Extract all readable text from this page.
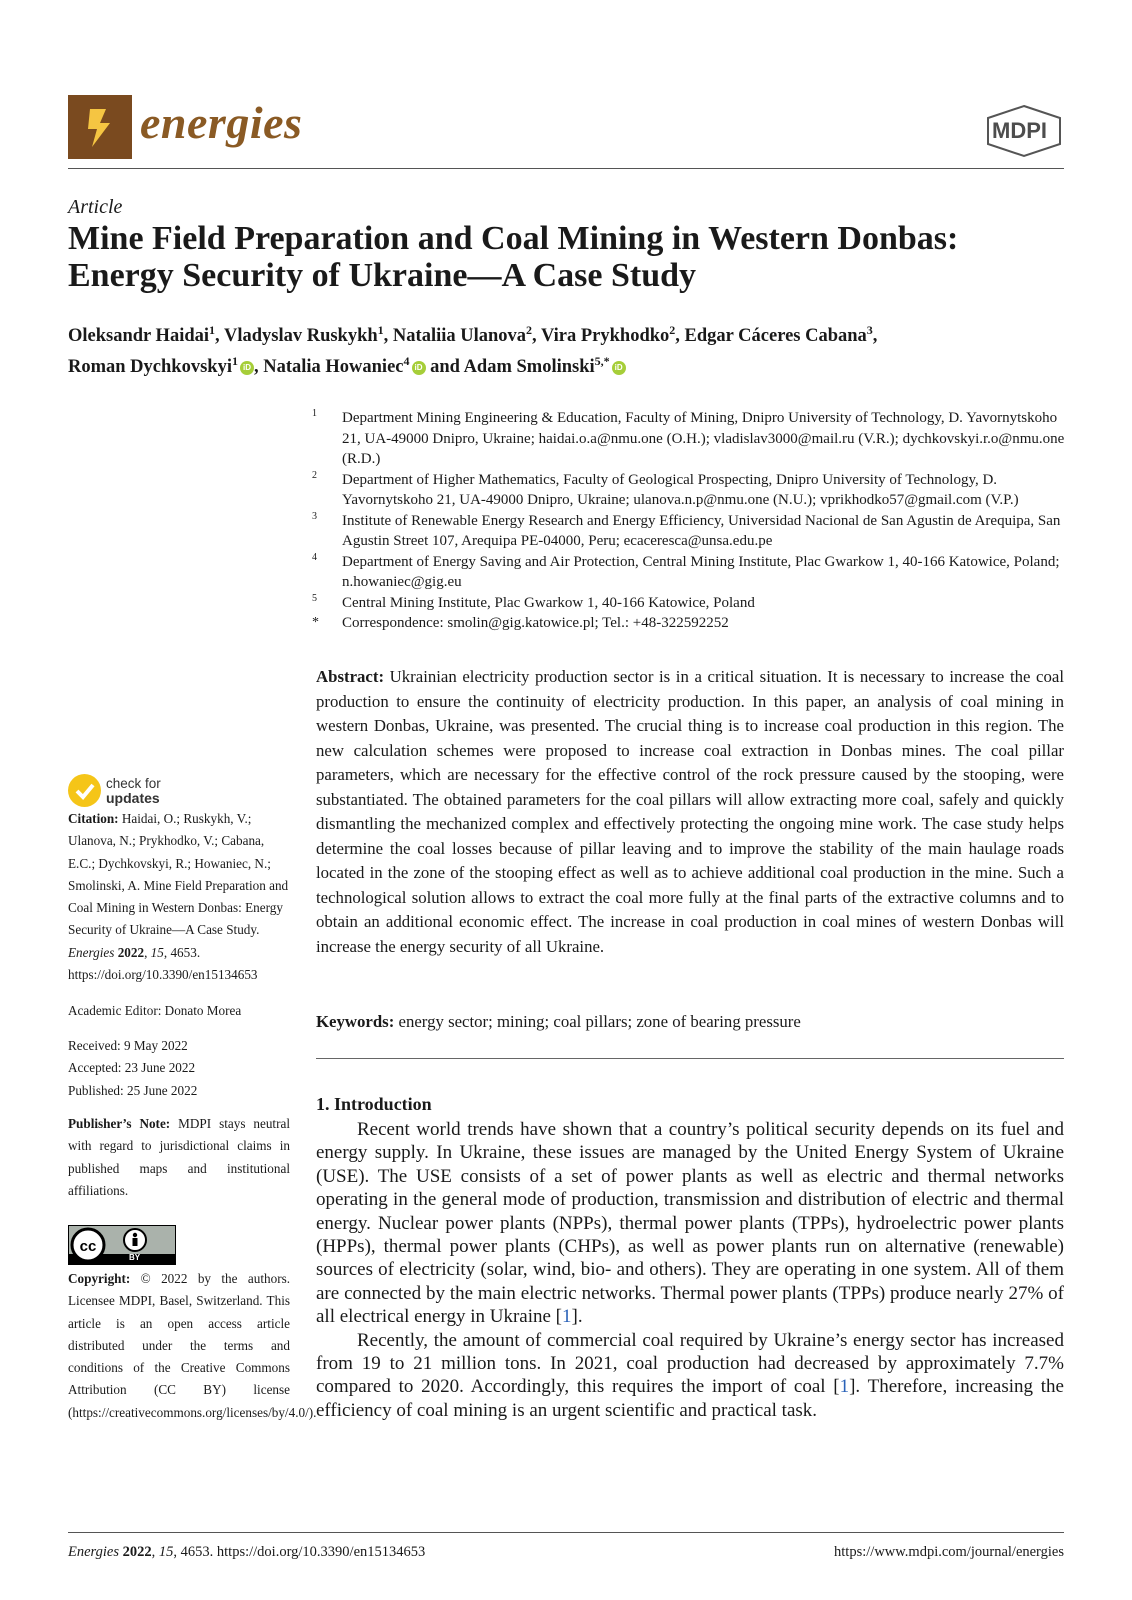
energies	MDPI
Article
Mine Field Preparation and Coal Mining in Western Donbas: Energy Security of Ukraine—A Case Study
Oleksandr Haidai$^1$, Vladyslav Ruskykh$^1$, Nataliia Ulanova$^2$, Vira Prykhodko$^2$, Edgar Cáceres Cabana$^3$,
Roman Dychkovskyi$^1$ iD , Natalia Howaniec$^4$ iD and Adam Smolinski$^{5,*}$ iD

1 Department Mining Engineering & Education, Faculty of Mining, Dnipro University of Technology, D. Yavornytskoho 21, UA-49000 Dnipro, Ukraine; haidai.o.a@nmu.one (O.H.); vladislav3000@mail.ru (V.R.); dychkovskyi.r.o@nmu.one (R.D.)

2 Department of Higher Mathematics, Faculty of Geological Prospecting, Dnipro University of Technology, D. Yavornytskoho 21, UA-49000 Dnipro, Ukraine; ulanova.n.p@nmu.one (N.U.); vprikhodko57@gmail.com (V.P.)

3 Institute of Renewable Energy Research and Energy Efficiency, Universidad Nacional de San Agustin de Arequipa, San Agustin Street 107, Arequipa PE-04000, Peru; ecaceresca@unsa.edu.pe

4 Department of Energy Saving and Air Protection, Central Mining Institute, Plac Gwarkow 1, 40-166 Katowice, Poland; n.howaniec@gig.eu

5 Central Mining Institute, Plac Gwarkow 1, 40-166 Katowice, Poland

* Correspondence: smolin@gig.katowice.pl; Tel.: +48-322592252

Abstract: Ukrainian electricity production sector is in a critical situation. It is necessary to increase the coal production to ensure the continuity of electricity production. In this paper, an analysis of coal mining in western Donbas, Ukraine, was presented. The crucial thing is to increase coal production in this region. The new calculation schemes were proposed to increase coal extraction in Donbas mines. The coal pillar parameters, which are necessary for the effective control of the rock pressure caused by the stooping, were substantiated. The obtained parameters for the coal pillars will allow extracting more coal, safely and quickly dismantling the mechanized complex and effectively protecting the ongoing mine work. The case study helps determine the coal losses because of pillar leaving and to improve the stability of the main haulage roads located in the zone of the stooping effect as well as to achieve additional coal production in the mine. Such a technological solution allows to extract the coal more fully at the final parts of the extractive columns and to obtain an additional economic effect. The increase in coal production in coal mines of western Donbas will increase the energy security of all Ukraine.
Keywords: energy sector; mining; coal pillars; zone of bearing pressure
1. Introduction

Recent world trends have shown that a country’s political security depends on its fuel and energy supply. In Ukraine, these issues are managed by the United Energy System of Ukraine (USE). The USE consists of a set of power plants as well as electric and thermal networks operating in the general mode of production, transmission and distribution of electric and thermal energy. Nuclear power plants (NPPs), thermal power plants (TPPs), hydroelectric power plants (HPPs), thermal power plants (CHPs), as well as power plants run on alternative (renewable) sources of electricity (solar, wind, bio- and others). They are operating in one system. All of them are connected by the main electric networks. Thermal power plants (TPPs) produce nearly 27% of all electrical energy in Ukraine [1].

Recently, the amount of commercial coal required by Ukraine’s energy sector has increased from 19 to 21 million tons. In 2021, coal production had decreased by approximately 7.7% compared to 2020. Accordingly, this requires the import of coal [1]. Therefore, increasing the efficiency of coal mining is an urgent scientific and practical task.

check for
updates
Citation: Haidai, O.; Ruskykh, V.; Ulanova, N.; Prykhodko, V.; Cabana, E.C.; Dychkovskyi, R.; Howaniec, N.; Smolinski, A. Mine Field Preparation and Coal Mining in Western Donbas: Energy Security of Ukraine—A Case Study. Energies 2022, 15, 4653. https://doi.org/10.3390/en15134653
Academic Editor: Donato Morea

Received: 9 May 2022

Accepted: 23 June 2022

Published: 25 June 2022

Publisher’s Note: MDPI stays neutral with regard to jurisdictional claims in published maps and institutional affiliations.
cc
BY
Copyright: © 2022 by the authors. Licensee MDPI, Basel, Switzerland. This article is an open access article distributed under the terms and conditions of the Creative Commons Attribution (CC BY) license (https://creativecommons.org/licenses/by/4.0/).
Energies 2022, 15, 4653. https://doi.org/10.3390/en15134653	https://www.mdpi.com/journal/energies
